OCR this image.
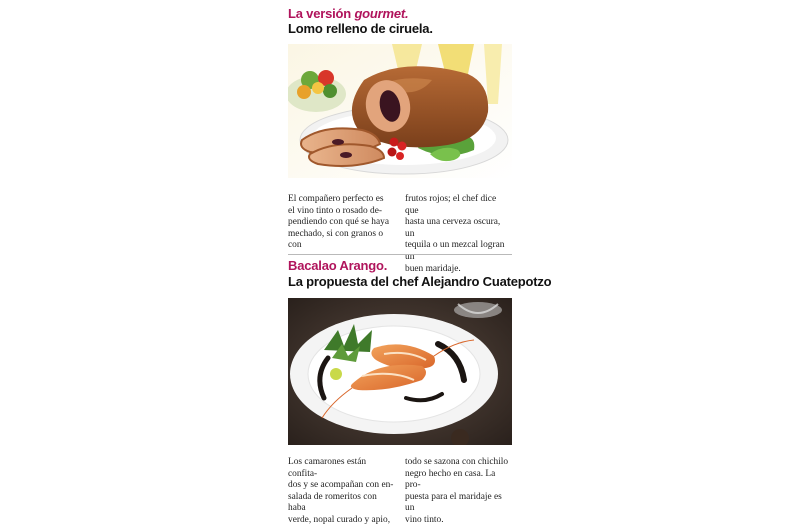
La versión gourmet.
Lomo relleno de ciruela.
El compañero perfecto es
el vino tinto o rosado de-
pendiendo con qué se haya
mechado, si con granos o con
frutos rojos; el chef dice que
hasta una cerveza oscura, un
tequila o un mezcal logran un
buen maridaje.
Bacalao Arango.
La propuesta del chef Alejandro Cuatepotzo
Los camarones están confita-
dos y se acompañan con en-
salada de romeritos con haba
verde, nopal curado y apio,
todo se sazona con chichilo
negro hecho en casa. La pro-
puesta para el maridaje es un
vino tinto.
